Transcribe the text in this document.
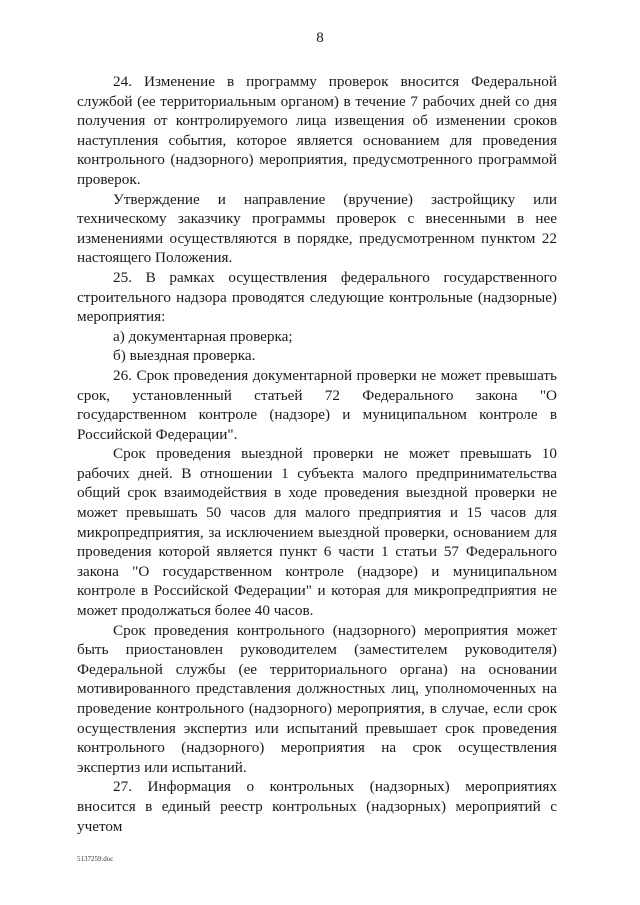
8

24. Изменение в программу проверок вносится Федеральной службой (ее территориальным органом) в течение 7 рабочих дней со дня получения от контролируемого лица извещения об изменении сроков наступления события, которое является основанием для проведения контрольного (надзорного) мероприятия, предусмотренного программой проверок.

Утверждение и направление (вручение) застройщику или техническому заказчику программы проверок с внесенными в нее изменениями осуществляются в порядке, предусмотренном пунктом 22 настоящего Положения.

25. В рамках осуществления федерального государственного строительного надзора проводятся следующие контрольные (надзорные) мероприятия:

а) документарная проверка;

б) выездная проверка.

26. Срок проведения документарной проверки не может превышать срок, установленный статьей 72 Федерального закона "О государственном контроле (надзоре) и муниципальном контроле в Российской Федерации".

Срок проведения выездной проверки не может превышать 10 рабочих дней. В отношении 1 субъекта малого предпринимательства общий срок взаимодействия в ходе проведения выездной проверки не может превышать 50 часов для малого предприятия и 15 часов для микропредприятия, за исключением выездной проверки, основанием для проведения которой является пункт 6 части 1 статьи 57 Федерального закона "О государственном контроле (надзоре) и муниципальном контроле в Российской Федерации" и которая для микропредприятия не может продолжаться более 40 часов.

Срок проведения контрольного (надзорного) мероприятия может быть приостановлен руководителем (заместителем руководителя) Федеральной службы (ее территориального органа) на основании мотивированного представления должностных лиц, уполномоченных на проведение контрольного (надзорного) мероприятия, в случае, если срок осуществления экспертиз или испытаний превышает срок проведения контрольного (надзорного) мероприятия на срок осуществления экспертиз или испытаний.

27. Информация о контрольных (надзорных) мероприятиях вносится в единый реестр контрольных (надзорных) мероприятий с учетом

5137259.doc
